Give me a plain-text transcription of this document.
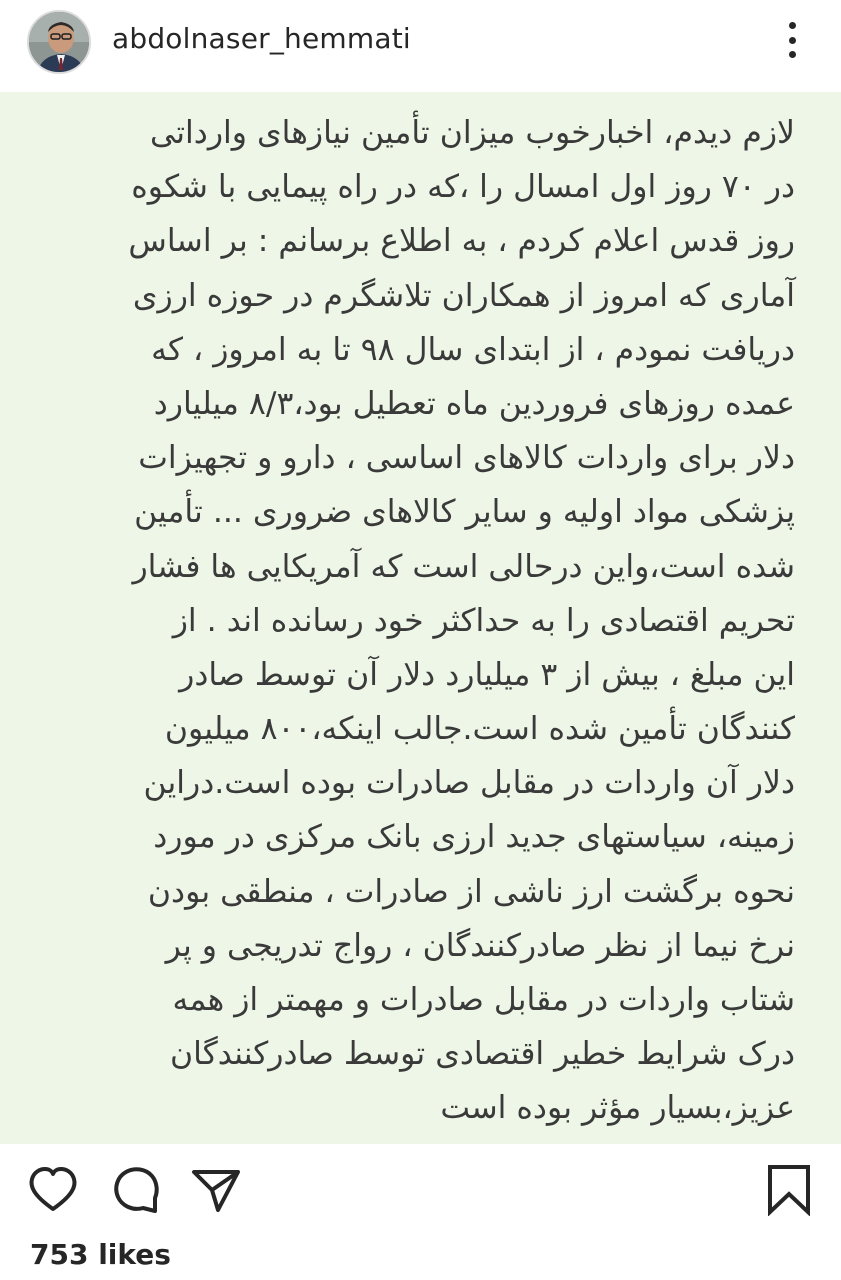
abdolnaser_hemmati
لازم دیدم، اخبارخوب میزان تأمین نیازهای وارداتی
در ۷۰ روز اول امسال را ،که در راه پیمایی با شکوه
روز قدس اعلام کردم ، به اطلاع برسانم : بر اساس
آماری که امروز از همکاران تلاشگرم در حوزه ارزی
دریافت نمودم ، از ابتدای سال ۹۸ تا به امروز ، که
عمده روزهای فروردین ماه تعطیل بود،۸/۳ میلیارد
دلار برای واردات کالاهای اساسی ، دارو و تجهیزات
پزشکی مواد اولیه و سایر کالاهای ضروری ... تأمین
شده است،واین درحالی است که آمریکایی ها فشار
تحریم اقتصادی را به حداکثر خود رسانده اند . از
این مبلغ ، بیش از ۳ میلیارد دلار آن توسط صادر
کنندگان تأمین شده است.جالب اینکه،۸۰۰ میلیون
دلار آن واردات در مقابل صادرات بوده است.دراین
زمینه، سیاستهای جدید ارزی بانک مرکزی در مورد
نحوه برگشت ارز ناشی از صادرات ، منطقی بودن
نرخ نیما از نظر صادرکنندگان ، رواج تدریجی و پر
شتاب واردات در مقابل صادرات و مهمتر از همه
درک شرایط خطیر اقتصادی توسط صادرکنندگان
عزیز،بسیار مؤثر بوده است
753 likes
